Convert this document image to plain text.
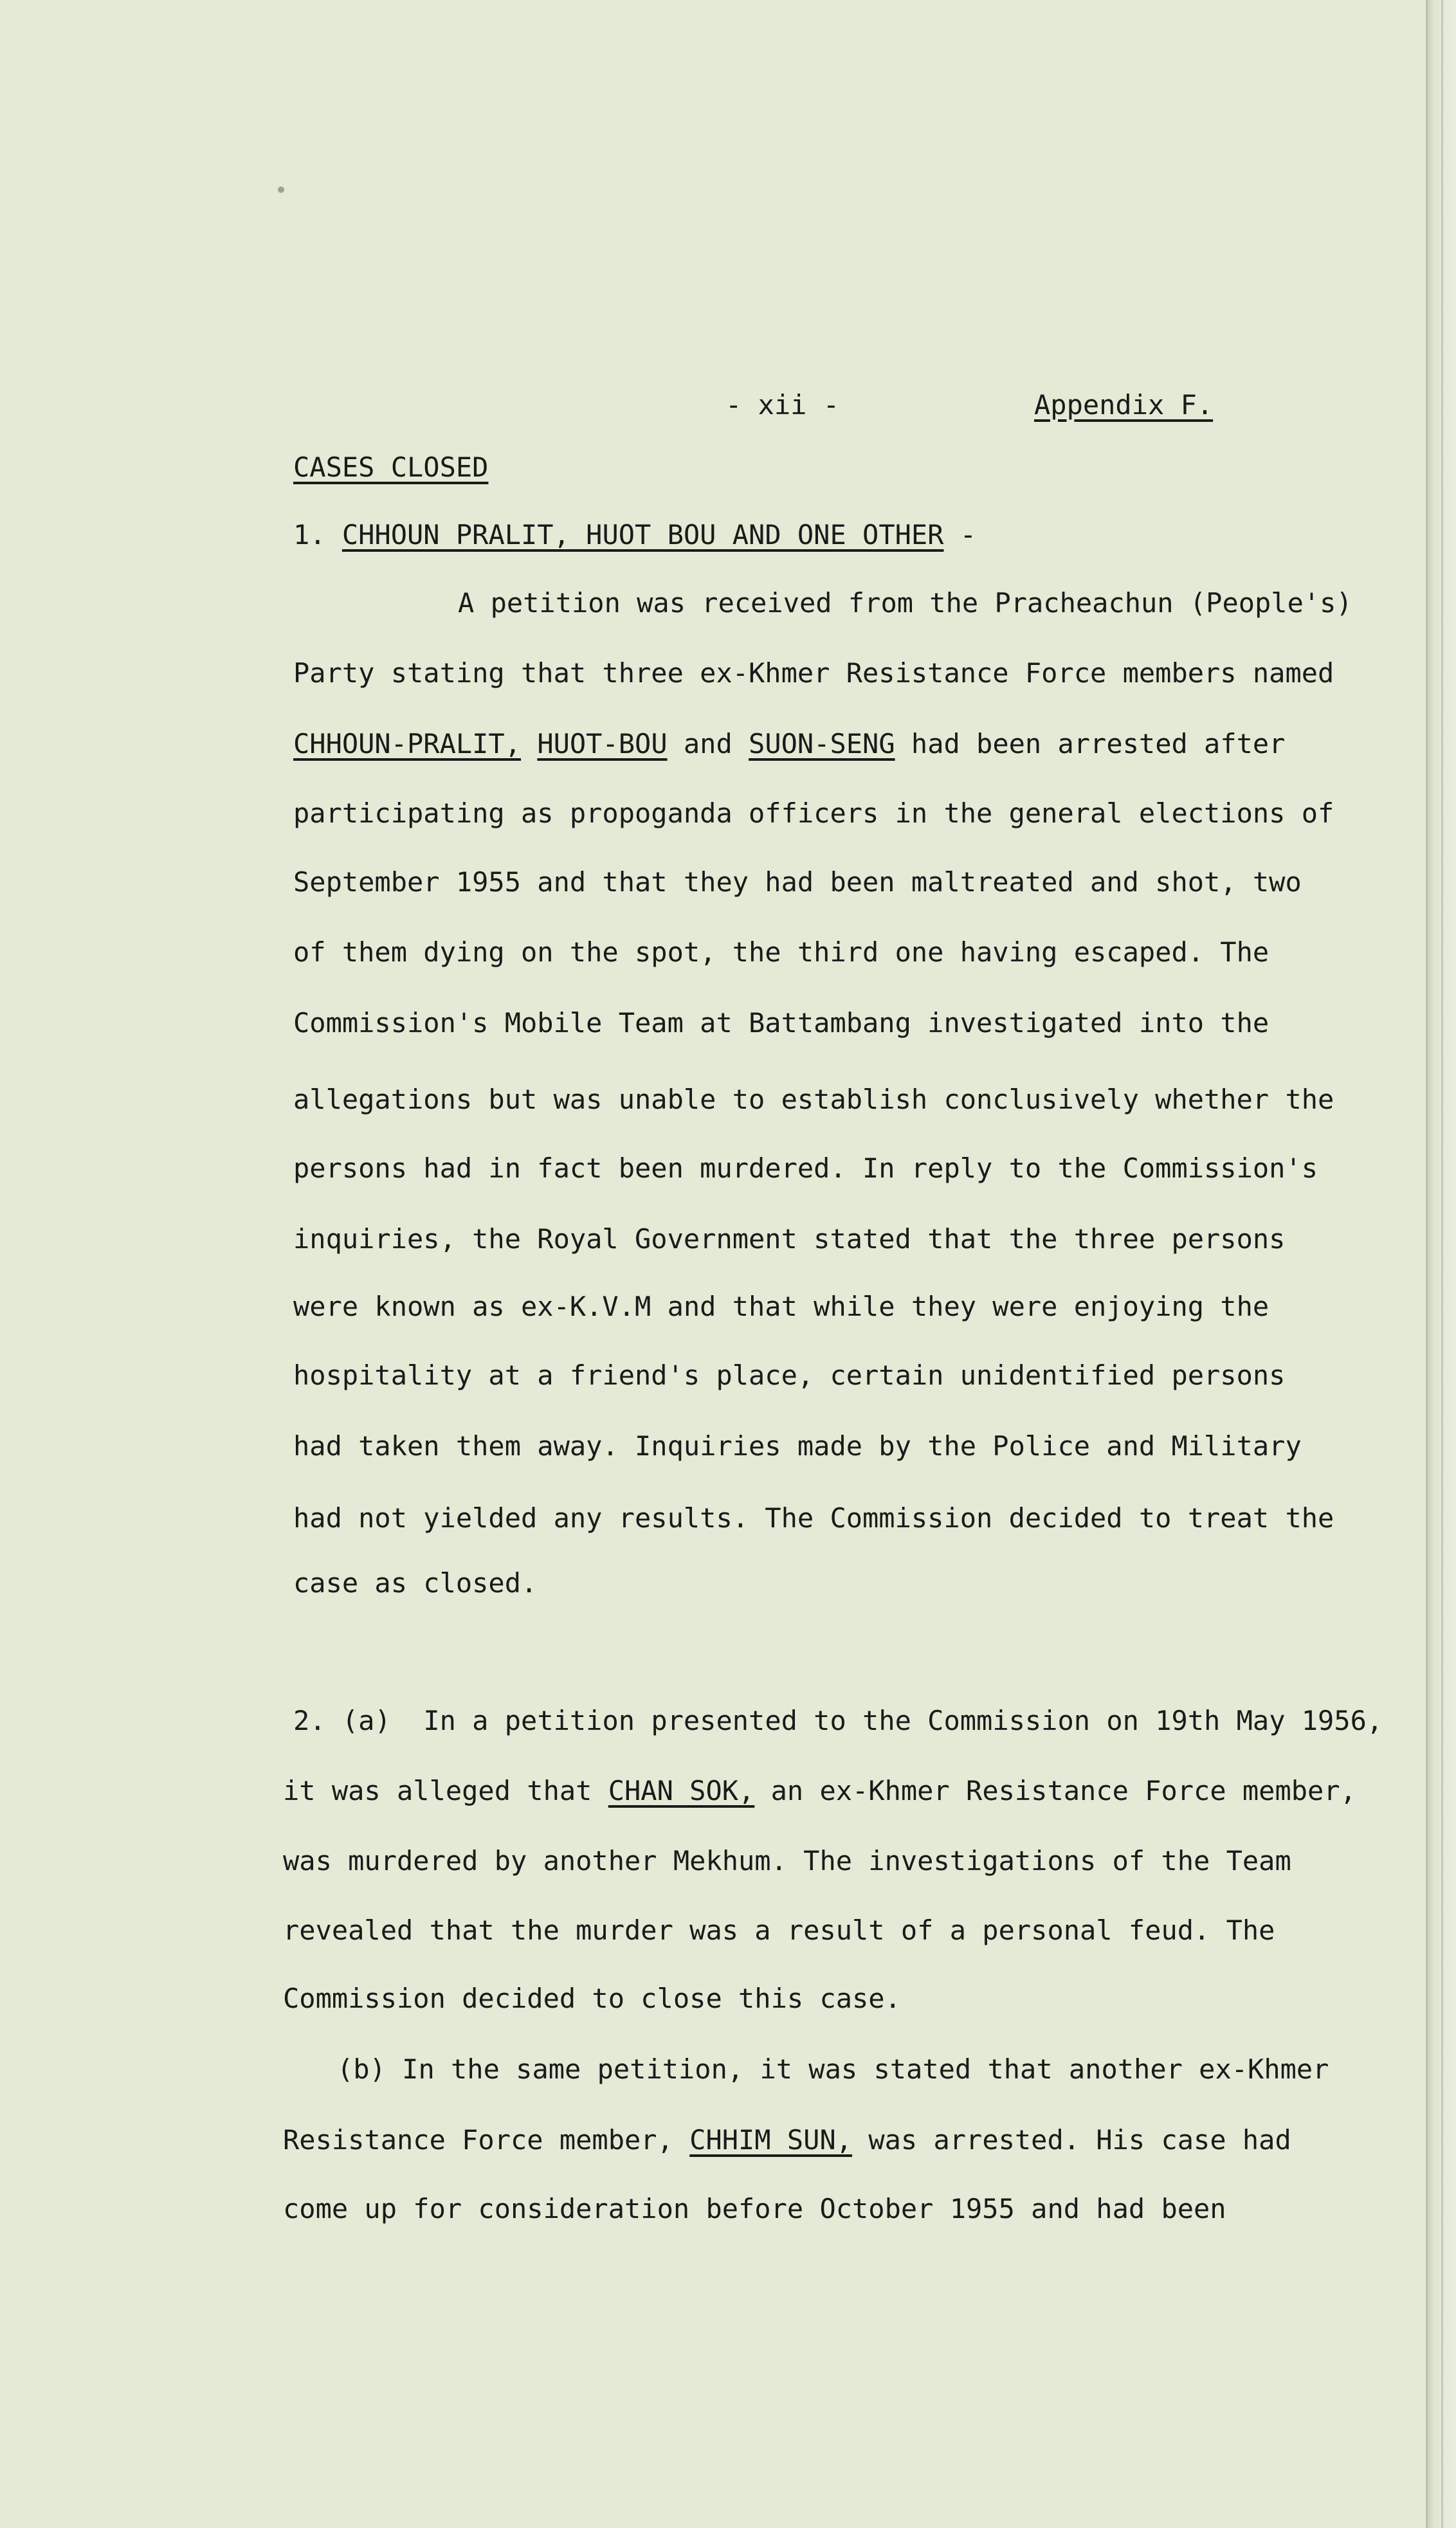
- xii -	Appendix F.

CASES CLOSED

1. CHHOUN PRALIT, HUOT BOU AND ONE OTHER -

A petition was received from the Pracheachun (People's)

Party stating that three ex-Khmer Resistance Force members named

CHHOUN-PRALIT, HUOT-BOU and SUON-SENG had been arrested after

participating as propoganda officers in the general elections of

September 1955 and that they had been maltreated and shot, two

of them dying on the spot, the third one having escaped. The

Commission's Mobile Team at Battambang investigated into the

allegations but was unable to establish conclusively whether the

persons had in fact been murdered. In reply to the Commission's

inquiries, the Royal Government stated that the three persons

were known as ex-K.V.M and that while they were enjoying the

hospitality at a friend's place, certain unidentified persons

had taken them away. Inquiries made by the Police and Military

had not yielded any results. The Commission decided to treat the

case as closed.

2. (a) In a petition presented to the Commission on 19th May 1956,

it was alleged that CHAN SOK, an ex-Khmer Resistance Force member,

was murdered by another Mekhum. The investigations of the Team

revealed that the murder was a result of a personal feud. The

Commission decided to close this case.

(b) In the same petition, it was stated that another ex-Khmer

Resistance Force member, CHHIM SUN, was arrested. His case had

come up for consideration before October 1955 and had been
